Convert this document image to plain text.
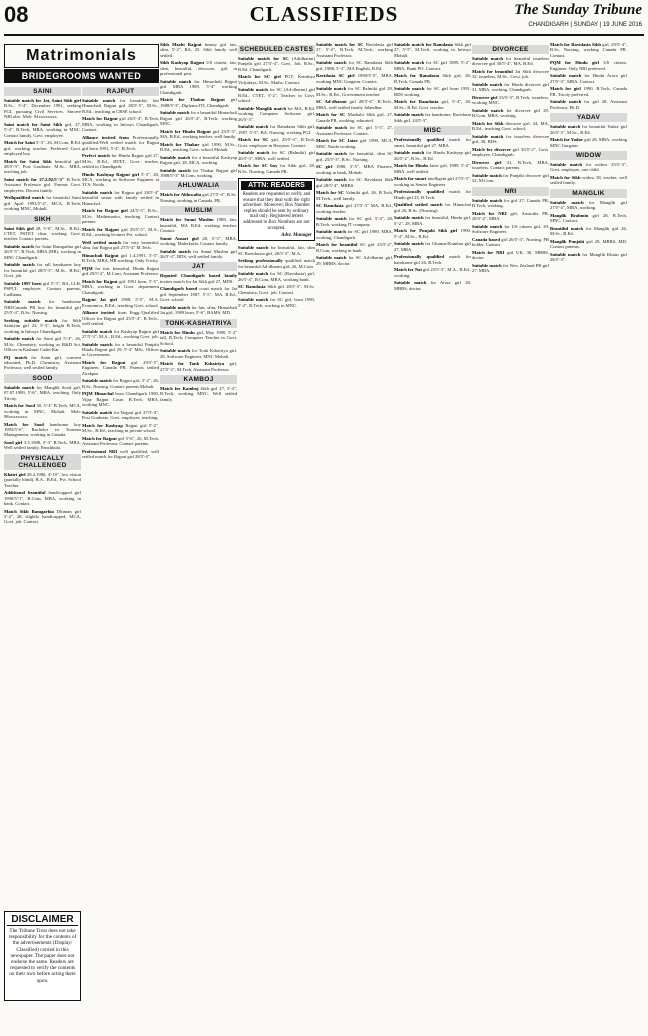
08	CLASSIFIEDS	The Sunday Tribune
CHANDIGARH | SUNDAY | 19 JUNE 2016
Matrimonials
BRIDEGROOMS WANTED
SAINI
Suitable match for Jat, Saini Sikh girl B.Sc., 5'-4", December 1991, seeking PGI, pursuing Civil Services. Sincere NRI also. Mob: 94xxxxxxxx.
Saini match for Saini Sikh girl, 27, 5'-4", B.Tech, MBA, working in MNC. Contact family. Govt. employee.
Match for Saini 5'-3", 26, M.Com, B.Ed. girl, working teacher. Preferred Govt. employed boy.
Match for Saini Sikh beautiful girl 28/5'-3", Post Graduate, M.Sc., MBA, teaching job.
Saini match for 27.2.92/5'-3" B.Tech. Assistant Professor girl. Parents Govt. employees. Decent family.
Wellqualified match for beautiful Saini girl April 1993/5'-4", MCA, B.Tech, working MNC, Mohali.
SIKH
Saini Sikh girl 28, 5'-6", M.Sc., B.Ed., CTET, PSTET clear, working Govt. teacher. Contact parents.
Suitable match for Saini Ramgarhia girl 26/5'-5", B.Tech, MBA (HR), working in MNC Chandigarh.
Suitable match for tall handsome boy for beautiful girl 28/5'-5", M.Sc., B.Ed., Govt. job.
Suitable 1997 born girl 5'-3", BA, LLB, PSPCL employee. Contact parents, Ludhiana.
Suitable match for handsome NRI/Canada PR boy for beautiful girl 25/5'-4", B.Sc. Nursing.
Seeking suitable match for Sikh Sainiyan girl 23, 5'-3", height B.Tech, working in Infosys Chandigarh.
Suitable match for Saini girl 5'-3", 26, M.Sc. Chemistry, working as R&D Sci. Officer in Kashmir Cadet Kar.
PQ match for Saini girl, convent educated, Ph.D. Chemistry, Assistant Professor, well settled family.
SOOD
Suitable match for Manglik Sood girl, 07.07.1989, 5'-6", MBA, teaching. Only Tricity.
Match for Sood 30, 5'-4" B.Tech, MCA, working in MNC, Mohali. Mob: 98xxxxxxxx.
Match for Sood handsome boy 1993/5'-6", Bachelor in Tourism Management, working in Canada.
Sood girl 3.5.1988, 5'-3" B.Tech, MBA. Well settled family, Panchkula.
PHYSICALLY CHALLENGED
Khatri girl 28.4.1986, 4'-10", low vision (partially blind), B.A., B.Ed., Pvt. School Teacher.
Additional beautiful handicapped girl 1990/5'-1", B.Com, MBA, working in bank. Contact.
Match Sikh Ramgarhia Dhiman girl 5'-2", 28, slightly handicapped, MCA, Govt. job. Contact.
RAJPUT
Suitable match for beautiful, fair Himachali Rajput girl 28/5'-5", M.Sc., B.Ed., teaching in CBSE school.
Match for Rajput girl 26/5'-4", B.Tech, MBA, working in Infosys Chandigarh. Contact.
Alliance invited from Professionally qualified/Well settled match for Rajput girl born 1991, 5'-4", B.Tech.
Perfect match for Hindu Rajput girl 27, M.Sc. B.Ed., HTET, Govt. teacher, settled in Chandigarh.
Hindu Kashyap Rajput girl 5'-3", 28, MCA, working as Software Engineer at TCS, Noida.
Suitable match for Rajput girl 28/5'-4" beautiful smart with family settled in Himachal.
Match for Rajput girl 24/5'-3", B.Sc., M.Sc. Mathematics, teaching. Contact parents.
Match for Rajput girl 29/5'-5", M.A., B.Ed., working lecturer Pvt. school.
Well settled match for very beautiful, slim, fair Rajput girl 27/5'-4" M.Tech.
Himachali Rajput girl 1.4.1991, 5'-3", B.Tech, MBA, HR working. Only Tricity.
PQM for fair, beautiful, Hindu Rajput girl 29/5'-2", M.Com, Assistant Professor.
Match for Rajput girl 1991 born, 5'-5", MBA, working in Govt. department Chandigarh.
Rajput Jat girl 1988, 5'-5", M.A. Economics, B.Ed., teaching Govt. school.
Alliance invited from Engg./Qualified Officer for Rajput girl 25/5'-4", B.Tech., well settled.
Suitable match for Kashyap Rajput girl 27/5'-3", M.A., B.Ed., working Govt. job.
Suitable match for a beautiful Punjabi Hindu Rajput girl 29, 5'-4" MSc, Officer in Government.
Match for Rajput girl 29/5'-5", Engineer, Canada PR. Parents settled Zirakpur.
Suitable match for Rajput girl, 5'-2", 26, B.Sc. Nursing. Contact parents Mohali.
PQM Himachal born Chandigarh 1990, Vijay Rajput Caste, B.Tech, MBA, working MNC.
Suitable match for Rajput girl 27/5'-4", Post Graduate, Govt. employee, teaching.
Match for Kashyap Rajput girl 5'-2", M.Sc., B.Ed., teaching in private school.
Match for Rajput girl 5'-6", 26, M.Tech, Assistant Professor. Contact parents.
Professional NRI well qualified, well settled match for Rajput girl 28/5'-4".
Sikh Mazbi Rajput beauty girl fair, slim, 5'-2", BA, 25. Sikh family well settled.
Sikh Kashyap Rajput US citizen, fair, slim, beautiful, divorcee, girl in professional post.
Suitable match for Himachali Rajput girl MBA 1989, 5'-4" working Chandigarh.
Match for Thakur Rajput girl 1988/5'-3", Diploma ITI, Chandigarh.
Suitable match for a beautiful Himachali Rajput girl 26/5'-4", B.Tech, working MNC.
Match for Hindu Rajput girl 25/5'-3", MA, B.Ed., working teacher, well family.
Match for Thakur girl 1990, M.Sc., B.Ed., teaching Govt. school Mohali.
Suitable match for a beautiful Kashyap Rajput girl, 28, MCA, working.
Suitable match for Thakur Rajput girl 1988/5'-3" M.Com, working.
AHLUWALIA
Match for Ahluwalia girl 27/5'-4", B.Sc. Nursing, working in Canada, PR.
MUSLIM
Match for Sunni Muslim 1988, fair, beautiful, MA B.Ed. working teacher. Contact.
Sunni Ansari girl 28, 5'-3", MBA, working, Malerkotla. Contact family.
Suitable match for Sunni Muslim girl 26/5'-4", BDS, well settled family.
JAT
Reputed Chandigarh based family invites match for Jat Sikh girl 27, MDS.
Chandigarh based court match for Jat girl September 1987, 5'-5", MA, B.Ed., Govt. school.
Suitable match for fair, slim, Himachali Jat girl, 1989 born, 5'-6", BAMS, MD.
TONK-KASHATRIYA
Match for Hindu girl, May 1990, 5'-2" tall, B.Tech, Computer Teacher in Govt. School.
Suitable match for Tonk Kshatriya girl, 28, Software Engineer, MNC Mohali.
Match for Tonk Kshatriya girl, 27/5'-3", M.Tech, Assistant Professor.
KAMBOJ
Match for Kamboj Sikh girl 27, 5'-4", B.Tech, working MNC. Well settled family.
SCHEDULED CASTES
Suitable match for SC (Adidharmi) Punjabi girl 27/5'-4", Govt. Job, B.Sc., B.Ed. Chandigarh.
Match for SC girl PGT, Kendriya Vidyalaya, M.Sc. Maths. Contact.
Suitable match for SC (Ad-dharmi) girl B.Ed., CTET, 5'-2", Teacher in Govt. school.
Suitable Manglik match for MA, B.Ed. working Computer Software girl, 26/5'-3".
Suitable match for Ramdasia Sikh girl, 1987, 5'-5", BA, Nursing, working PGI.
Match for SC girl, 25/5'-4", B.Tech, Govt. employee in Haryana. Contact.
Suitable match for SC (Balmiki) girl 26/5'-3", MBA, well settled.
Match for SC boy for Sikh girl, 28, B.Sc. Nursing, Canada PR.
ATTN: READERS
Readers are requested to verify and ensure that they deal with the right advertiser. Moreover, Box Number replies should be sent by ordinary mail only. Registered letters addressed to Box Numbers are not accepted.
Advt. Manager
Suitable match for beautiful, fair, slim SC Ravidassia girl, 28/5'-3", M.A.
Seeking professionally qualified match for beautiful Ad-dharmi girl, 26, M.Com.
Suitable match for SC (Ravidasia) girl, 26/5'-4", B.Com, MBA, working bank.
SC Ramdasia Sikh girl 28/5'-3", M.Sc. Chemistry, Govt. job. Contact.
Suitable match for SC girl, born 1990, 5'-4", B.Tech, working in MNC.
Suitable match for SC Ravidasia girl 27, 5'-4", B.Tech, M.Tech, working Assistant Professor.
Suitable match for SC Ramdasia Sikh girl, 1988, 5'-2", MA English, B.Ed.
Ravidasia SC girl 1990/5'-5", MBA, working MNC Gurgaon. Contact.
Suitable match for SC Balmiki girl 29, M.Sc., B.Ed., Government teacher.
SC Ad-dharmi girl 28/5'-4", B.Tech., MBA, well settled family Jalandhar.
Match for SC Mazhabi Sikh girl, 27, Canada PR, working, educated.
Suitable match for SC girl 5'-5", 27, Assistant Professor. Contact.
Match for SC Jatav girl 1990, MCA, MNC Noida working.
Suitable match for beautiful, slim SC girl, 25/5'-3", B.Sc. Nursing.
SC girl 1988, 5'-5", MBA Finance, working in bank, Mohali.
Suitable match for SC Ravidasia Sikh girl 28/5'-4", MBBS.
Match for SC Valmiki girl, 26, B.Tech, M.Tech., well family.
SC Ramdasia girl 27/5'-3" MA, B.Ed., working teacher.
Suitable match for SC girl, 5'-4", 28, B.Tech, working IT company.
Suitable match for SC girl 1989, MBA, working, Chandigarh.
Match for beautiful SC girl 25/5'-2", B.Com, working in bank.
Suitable match for SC Ad-dharmi girl, 29, MBBS, doctor.
Suitable match for Ramdasia Sikh girl 27, 5'-5", M.Tech, working in Infosys Mohali.
Suitable match for SC girl 1989, 5'-2", MBA, Bank PO. Contact.
Match for Ramdasia Sikh girl, 26, B.Tech, Canada PR.
Suitable match for SC girl born 1991, BDS working.
Match for Ramdasia girl, 5'-4", 28, M.Sc., B.Ed. Govt. teacher.
Suitable match for handsome, Ravidasia Sikh girl, 24/5'-3".
MISC
Professionally qualified match for smart, beautiful girl 27, MBA.
Suitable match for Hindu Kashyap girl 26/5'-2", B.Sc., B.Ed.
Match for Hindu Jatav girl, 1989, 5'-4", MBA, well settled.
Match for smart intelligent girl 27/5'-3", working as Senior Engineer.
Professionally qualified match for Hindu girl 25, B.Tech.
Qualified settled match for Himachal girl 26, B.Sc. (Nursing).
Suitable match for beautiful, Hindu girl, 5'-2", 28, MBA.
Match for Punjabi Sikh girl 1990, 5'-4", M.Sc., B.Ed.
Suitable match for Ghumar/Kumhar girl 27, MBA.
Professionally qualified match for handsome girl 26, B.Tech.
Match for Nai girl 25/5'-3", M.A., B.Ed., working.
Suitable match for Arora girl 28, MBBS, doctor.
DIVORCEE
Suitable match for beautiful issueless divorcee girl 30/5'-4", MA, B.Ed.
Match for beautiful Jat Sikh divorcee 32, issueless, M.Sc., Govt. job.
Suitable match for Hindu divorcee girl 31, MBA, working, Chandigarh.
Divorcee girl 33/5'-3", B.Tech, issueless, working MNC.
Suitable match for divorcee girl 29, B.Com, MBA, working.
Match for Sikh divorcee girl, 34, MA, B.Ed., teaching Govt. school.
Suitable match for issueless divorcee girl, 30, BDS.
Match for divorcee girl 35/5'-2", Govt. employee, Chandigarh.
Divorcee girl 31, B.Tech, MBA, issueless. Contact parents.
Suitable match for Punjabi divorcee girl 32, M.Com.
NRI
Suitable match for girl 27, Canada PR, B.Tech, working.
Match for NRI girl, Australia PR, 28/5'-4", MBA.
Suitable match for US citizen girl, 29, Software Engineer.
Canada based girl 26/5'-3", Nursing, PR holder. Contact.
Match for NRI girl UK, 30, MBBS, doctor.
Suitable match for New Zealand PR girl 27, MBA.
Match for Ravidasia Sikh girl, 29/5'-4", B.Sc. Nursing, working Canada PR. Contact.
PQM for Hindu girl US citizen, Engineer. Only NRI preferred.
Suitable match for Hindu Arora girl 27/5'-3", MBA. Contact.
Match for girl 1990, B.Tech, Canada PR. Tricity preferred.
Suitable match for girl 28, Assistant Professor, Ph.D.
YADAV
Suitable match for beautiful Yadav girl 26/5'-3", M.Sc., B.Ed.
Match for Yadav girl 28, MBA, working MNC Gurgaon.
WIDOW
Suitable match for widow 35/5'-3", Govt. employee, one child.
Match for Sikh widow 38, teacher, well settled family.
MANGLIK
Suitable match for Manglik girl 27/5'-4", MBA, working.
Manglik Brahmin girl 28, B.Tech, MNC. Contact.
Beautiful match for Manglik girl 26, M.Sc., B.Ed.
Manglik Punjabi girl 29, MBBS, MD. Contact parents.
Suitable match for Manglik Khatri girl 28/5'-3".
DISCLAIMER
The Tribune Trust does not take responsibility for the contents of the advertisements (Display/ Classified) carried in this newspaper. The paper does not endorse the same. Readers are requested to verify the contents on their own before acting there upon.
